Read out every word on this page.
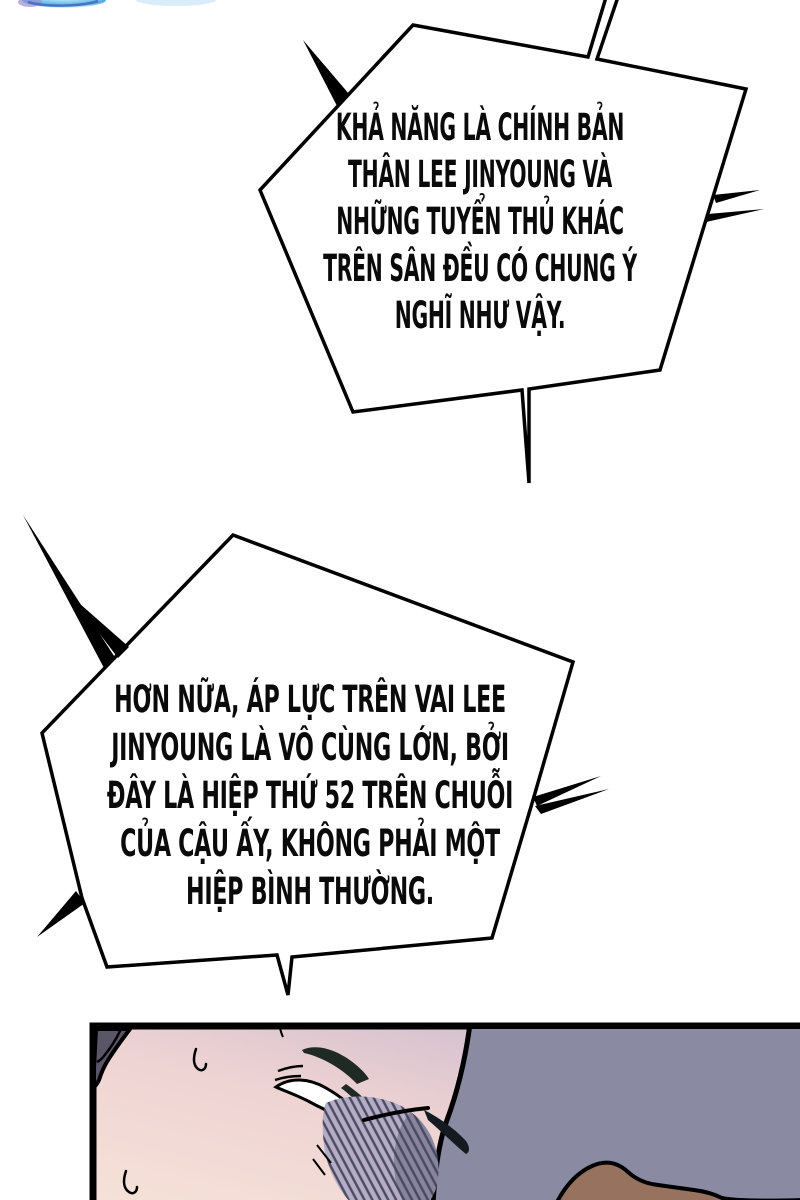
KHẢ NĂNG LÀ CHÍNH BẢN
THÂN LEE JINYOUNG VÀ
NHỮNG TUYỂN THỦ KHÁC
TRÊN SÂN ĐỀU CÓ CHUNG Ý
NGHĨ NHƯ VẬY.
HƠN NỮA, ÁP LỰC TRÊN VAI LEE
JINYOUNG LÀ VÔ CÙNG LỚN, BỞI
ĐÂY LÀ HIỆP THỨ 52 TRÊN CHUỖI
CỦA CẬU ẤY, KHÔNG PHẢI MỘT
HIỆP BÌNH THƯỜNG.
